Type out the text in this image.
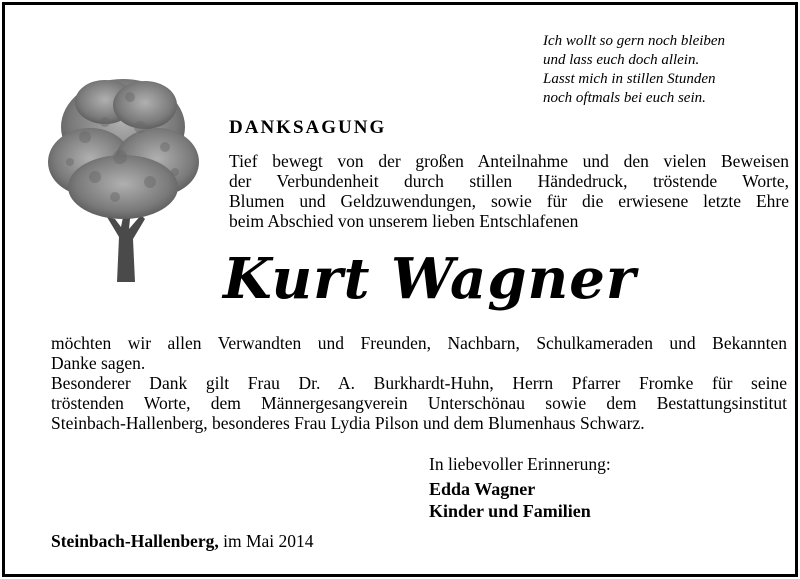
Ich wollt so gern noch bleiben
und lass euch doch allein.
Lasst mich in stillen Stunden
noch oftmals bei euch sein.
DANKSAGUNG
Tief bewegt von der großen Anteilnahme und den vielen Beweisen
der Verbundenheit durch stillen Händedruck, tröstende Worte,
Blumen und Geldzuwendungen, sowie für die erwiesene letzte Ehre
beim Abschied von unserem lieben Entschlafenen
Kurt Wagner
möchten wir allen Verwandten und Freunden, Nachbarn, Schulkameraden und Bekannten
Danke sagen.
Besonderer Dank gilt Frau Dr. A. Burkhardt-Huhn, Herrn Pfarrer Fromke für seine
tröstenden Worte, dem Männergesangverein Unterschönau sowie dem Bestattungsinstitut
Steinbach-Hallenberg, besonderes Frau Lydia Pilson und dem Blumenhaus Schwarz.
In liebevoller Erinnerung:
Edda Wagner
Kinder und Familien
Steinbach-Hallenberg, im Mai 2014
